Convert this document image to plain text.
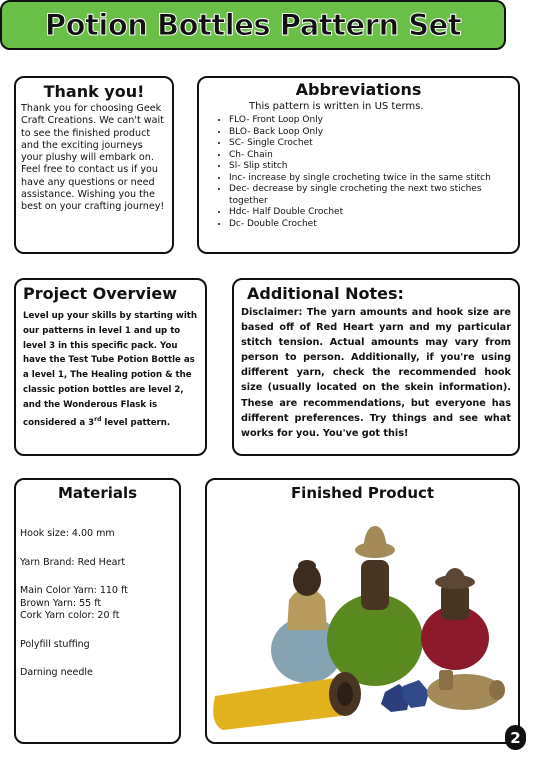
Potion Bottles Pattern Set
Thank you!

Thank you for choosing Geek Craft Creations. We can't wait to see the finished product and the exciting journeys your plushy will embark on. Feel free to contact us if you have any questions or need assistance. Wishing you the best on your crafting journey!

Abbreviations
This pattern is written in US terms.
• FLO- Front Loop Only
• BLO- Back Loop Only
• SC- Single Crochet
• Ch- Chain
• Sl- Slip stitch
• Inc- increase by single crocheting twice in the same stitch
• Dec- decrease by single crocheting the next two stiches together
• Hdc- Half Double Crochet
• Dc- Double Crochet
Project Overview

Level up your skills by starting with our patterns in level 1 and up to level 3 in this specific pack. You have the Test Tube Potion Bottle as a level 1, The Healing potion & the classic potion bottles are level 2, and the Wonderous Flask is considered a 3rd level pattern.

Additional Notes:

Disclaimer: The yarn amounts and hook size are based off of Red Heart yarn and my particular stitch tension. Actual amounts may vary from person to person. Additionally, if you're using different yarn, check the recommended hook size (usually located on the skein information). These are recommendations, but everyone has different preferences. Try things and see what works for you. You've got this!

Materials
Hook size: 4.00 mm
Yarn Brand: Red Heart
Main Color Yarn: 110 ft
Brown Yarn: 55 ft
Cork Yarn color: 20 ft
Polyfill stuffing
Darning needle
Finished Product
2
